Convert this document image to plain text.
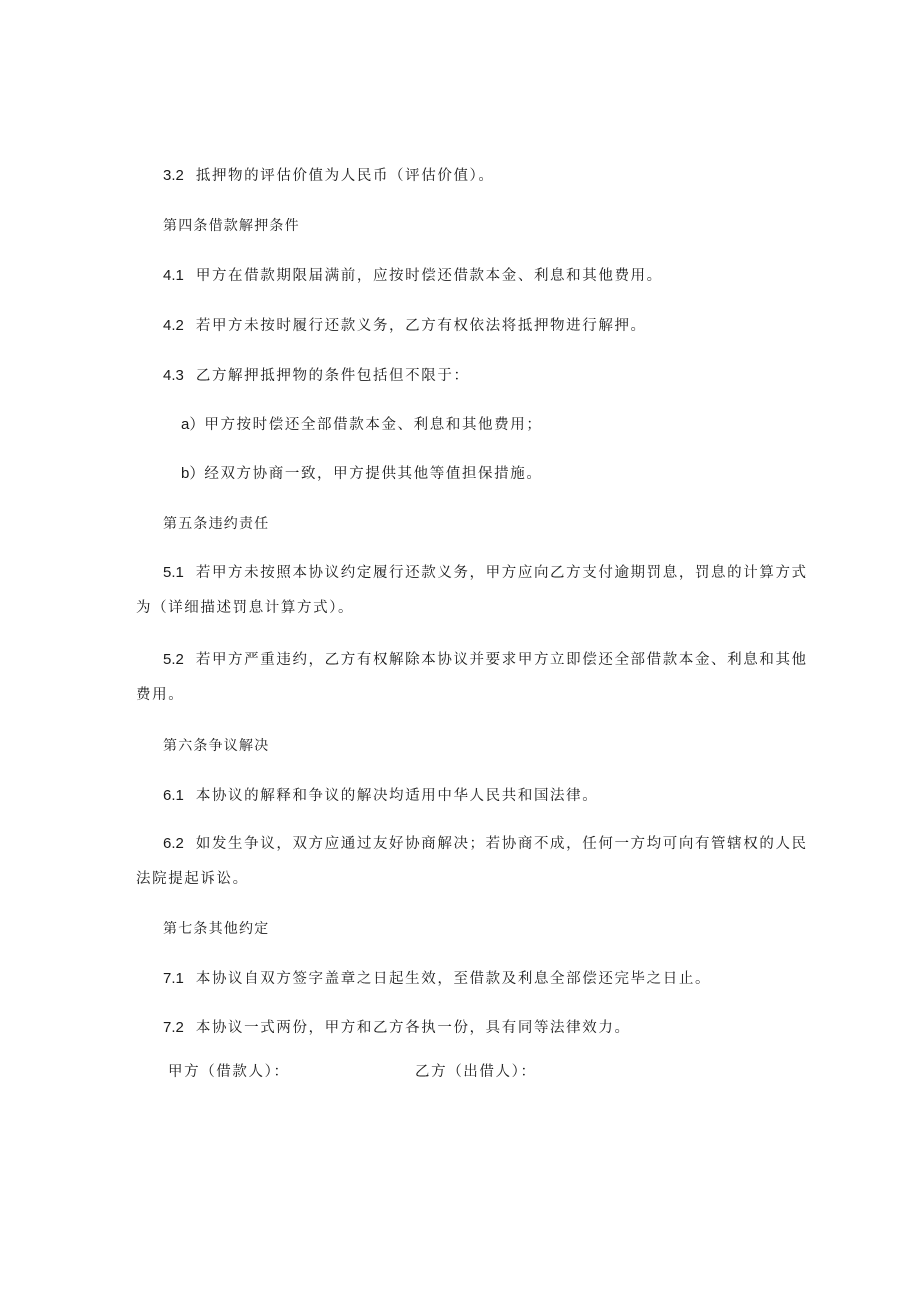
3.2 抵押物的评估价值为人民币（评估价值）。
第四条借款解押条件
4.1 甲方在借款期限届满前，应按时偿还借款本金、利息和其他费用。
4.2 若甲方未按时履行还款义务，乙方有权依法将抵押物进行解押。
4.3 乙方解押抵押物的条件包括但不限于：
a）甲方按时偿还全部借款本金、利息和其他费用；
b）经双方协商一致，甲方提供其他等值担保措施。
第五条违约责任
5.1 若甲方未按照本协议约定履行还款义务，甲方应向乙方支付逾期罚息，罚息的计算方式
为（详细描述罚息计算方式）。
5.2 若甲方严重违约，乙方有权解除本协议并要求甲方立即偿还全部借款本金、利息和其他
费用。
第六条争议解决
6.1 本协议的解释和争议的解决均适用中华人民共和国法律。
6.2 如发生争议，双方应通过友好协商解决；若协商不成，任何一方均可向有管辖权的人民
法院提起诉讼。
第七条其他约定
7.1 本协议自双方签字盖章之日起生效，至借款及利息全部偿还完毕之日止。
7.2 本协议一式两份，甲方和乙方各执一份，具有同等法律效力。
甲方（借款人）：	乙方（出借人）：
